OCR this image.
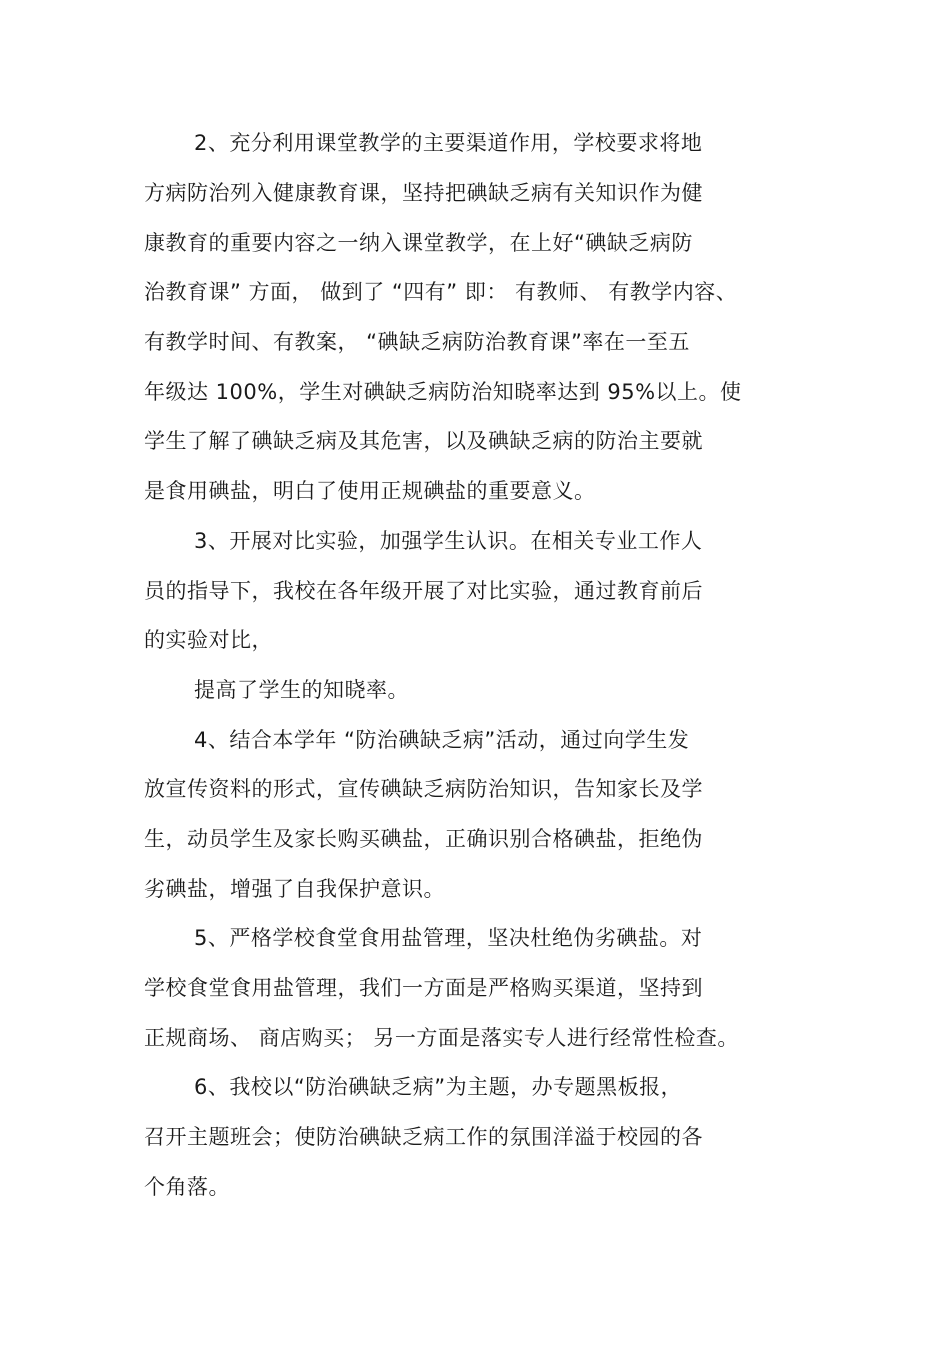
2、充分利用课堂教学的主要渠道作用，学校要求将地
方病防治列入健康教育课，坚持把碘缺乏病有关知识作为健
康教育的重要内容之一纳入课堂教学，在上好“碘缺乏病防
治教育课” 方面， 做到了 “四有” 即： 有教师、 有教学内容、
有教学时间、有教案， “碘缺乏病防治教育课”率在一至五
年级达 100%，学生对碘缺乏病防治知晓率达到 95%以上。使
学生了解了碘缺乏病及其危害，以及碘缺乏病的防治主要就
是食用碘盐，明白了使用正规碘盐的重要意义。
3、开展对比实验，加强学生认识。在相关专业工作人
员的指导下，我校在各年级开展了对比实验，通过教育前后
的实验对比，
提高了学生的知晓率。
4、结合本学年 “防治碘缺乏病”活动，通过向学生发
放宣传资料的形式，宣传碘缺乏病防治知识，告知家长及学
生，动员学生及家长购买碘盐，正确识别合格碘盐，拒绝伪
劣碘盐，增强了自我保护意识。
5、严格学校食堂食用盐管理，坚决杜绝伪劣碘盐。对
学校食堂食用盐管理，我们一方面是严格购买渠道，坚持到
正规商场、 商店购买； 另一方面是落实专人进行经常性检查。
6、我校以“防治碘缺乏病”为主题，办专题黑板报，
召开主题班会；使防治碘缺乏病工作的氛围洋溢于校园的各
个角落。
